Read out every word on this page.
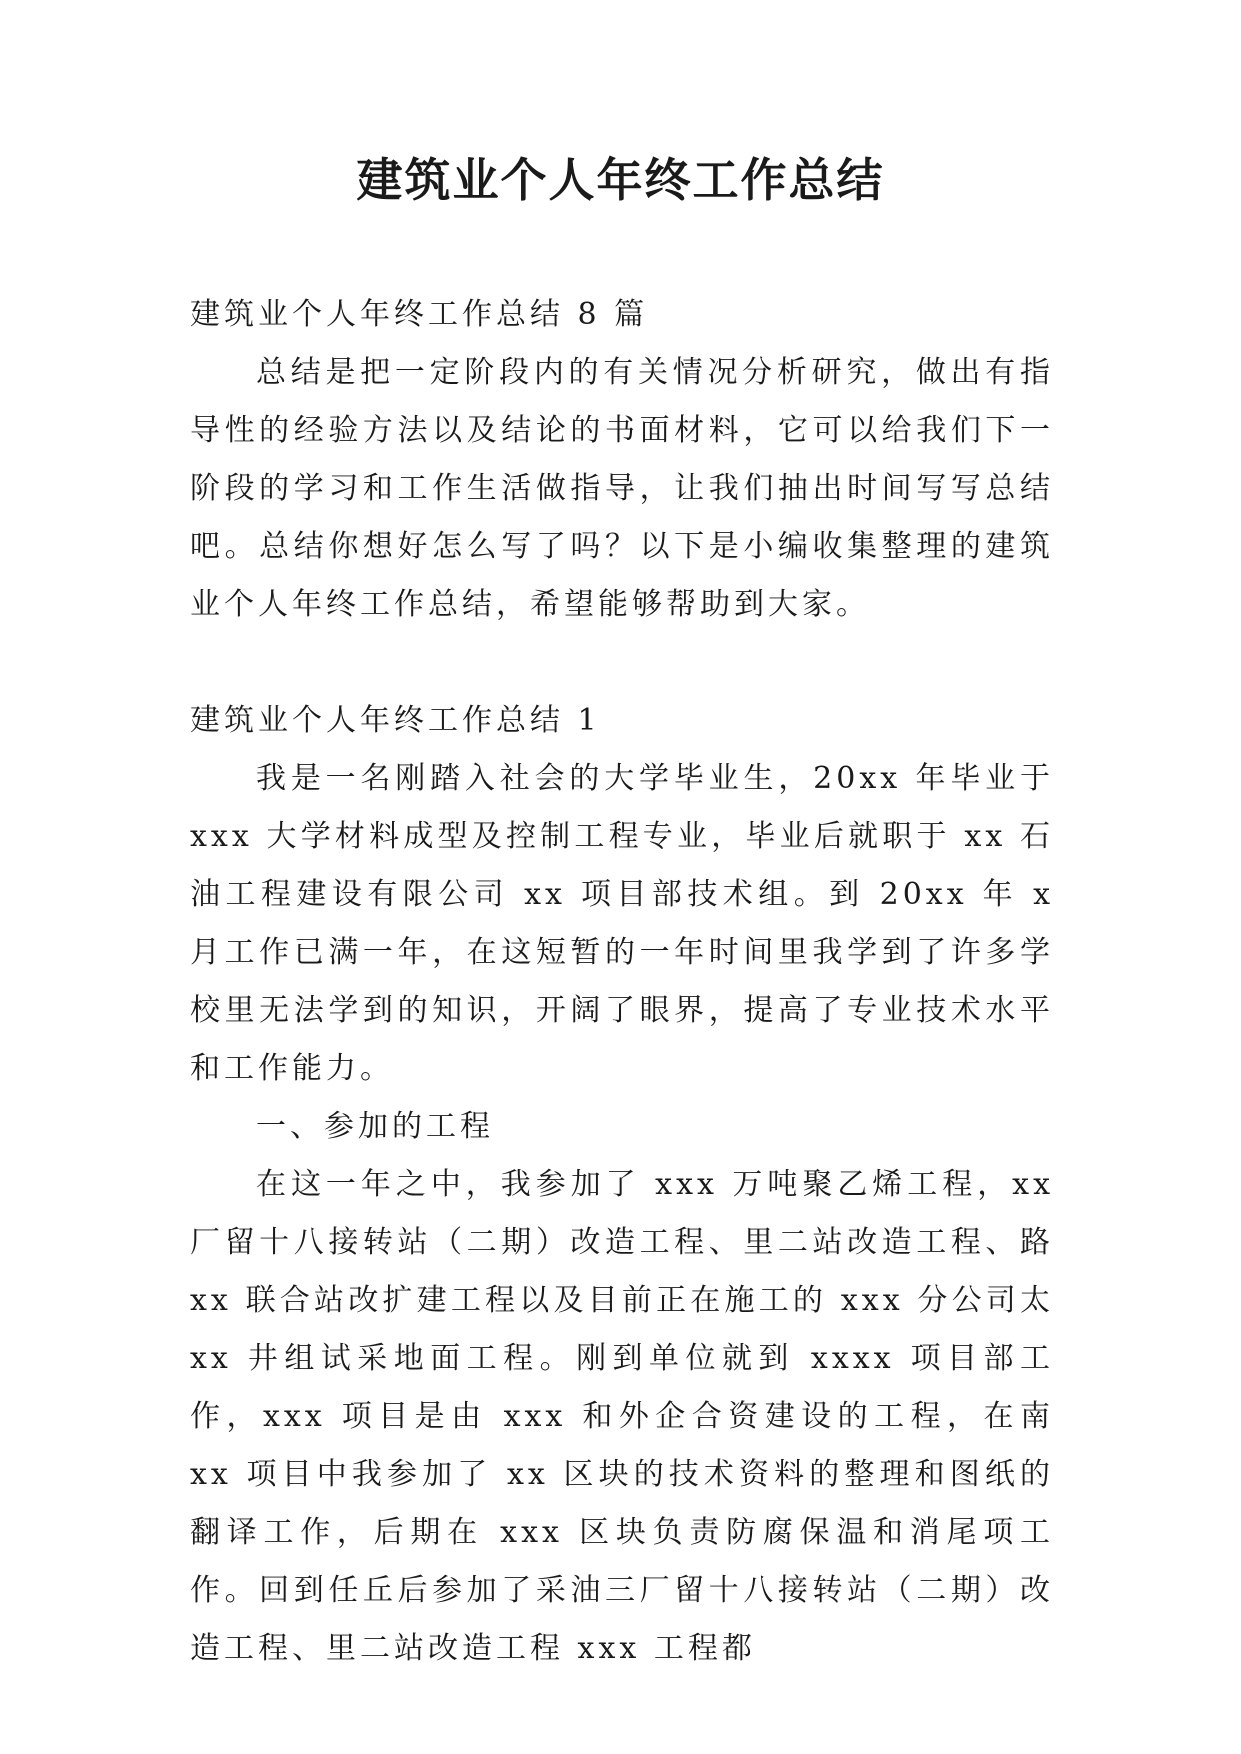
建筑业个人年终工作总结

建筑业个人年终工作总结 8 篇

总结是把一定阶段内的有关情况分析研究，做出有指导性的经验方法以及结论的书面材料，它可以给我们下一阶段的学习和工作生活做指导，让我们抽出时间写写总结吧。总结你想好怎么写了吗？以下是小编收集整理的建筑业个人年终工作总结，希望能够帮助到大家。

建筑业个人年终工作总结 1

我是一名刚踏入社会的大学毕业生，20xx 年毕业于 xxx 大学材料成型及控制工程专业，毕业后就职于 xx 石油工程建设有限公司 xx 项目部技术组。到 20xx 年 x 月工作已满一年，在这短暂的一年时间里我学到了许多学校里无法学到的知识，开阔了眼界，提高了专业技术水平和工作能力。

一、参加的工程

在这一年之中，我参加了 xxx 万吨聚乙烯工程，xx 厂留十八接转站（二期）改造工程、里二站改造工程、路 xx 联合站改扩建工程以及目前正在施工的 xxx 分公司太 xx 井组试采地面工程。刚到单位就到 xxxx 项目部工作，xxx 项目是由 xxx 和外企合资建设的工程，在南 xx 项目中我参加了 xx 区块的技术资料的整理和图纸的翻译工作，后期在 xxx 区块负责防腐保温和消尾项工作。回到任丘后参加了采油三厂留十八接转站（二期）改造工程、里二站改造工程 xxx 工程都
